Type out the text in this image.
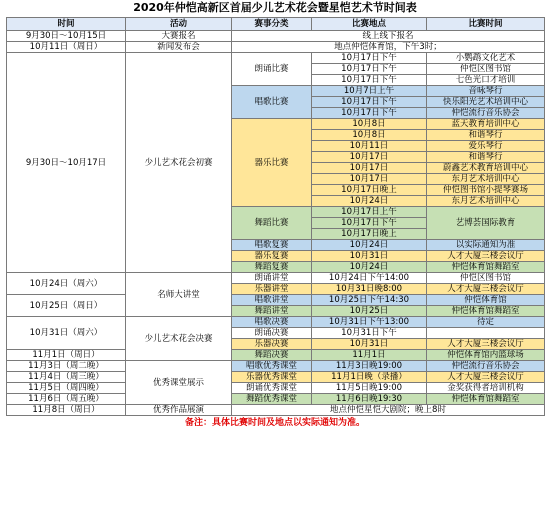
2020年仲恺高新区首届少儿艺术花会暨星恺艺术节时间表
时间	活动	赛事分类	比赛地点	比赛时间
9月30日～10月15日	大赛报名	线上线下报名		
10月11日（周日）	新闻发布会	地点仲恺体育馆，下午3时；		
9月30日～10月17日	少儿艺术花会初赛	朗诵比赛	10月17日下午	小鹦鹉文化艺术
			10月17日下午	仲恺区图书馆
			10月17日下午	七色光口才培训
		唱歌比赛	10月7日上午	音咏琴行
			10月17日下午	快乐阳光艺术培训中心
			10月17日下午	仲恺流行音乐协会
		器乐比赛	10月8日	蓝天教育培训中心
			10月8日	和谐琴行
			10月11日	爱乐琴行
			10月17日	和谐琴行
			10月17日	蔚鑫艺术教育培训中心
			10月17日	东月艺术培训中心
			10月17日晚上	仲恺图书馆小提琴赛场
			10月24日	东月艺术培训中心
		舞蹈比赛	10月17日上午	艺博荟国际教育
			10月17日下午	
			10月17日晚上	
		唱歌复赛	10月24日	以实际通知为准
		器乐复赛	10月31日	人才大厦三楼会议厅
		舞蹈复赛	10月24日	仲恺体育馆舞蹈室
10月24日（周六）	名师大讲堂	朗诵讲堂	10月24日下午14:00	仲恺区图书馆
		乐器讲堂	10月31日晚8:00	人才大厦三楼会议厅
10月25日（周日）		唱歌讲堂	10月25日下午14:30	仲恺体育馆
		舞蹈讲堂	10月25日	仲恺体育馆舞蹈室
10月31日（周六）	少儿艺术花会决赛	唱歌决赛	10月31日下午13:00	待定
		朗诵决赛	10月31日下午	
		乐器决赛	10月31日	人才大厦三楼会议厅
11月1日（周日）		舞蹈决赛	11月1日	仲恺体育馆内篮球场
11月3日（周二晚）	优秀课堂展示	唱歌优秀课堂	11月3日晚19:00	仲恺流行音乐协会
11月4日（周三晚）		乐器优秀课堂	11月1日晚（录播）	人才大厦三楼会议厅
11月5日（周四晚）		朗诵优秀课堂	11月5日晚19:00	金奖获得者培训机构
11月6日（周五晚）		舞蹈优秀课堂	11月6日晚19:30	仲恺体育馆舞蹈室
11月8日（周日）	优秀作品展演	地点仲恺星恺大剧院；晚上8时		
备注：具体比赛时间及地点以实际通知为准。
